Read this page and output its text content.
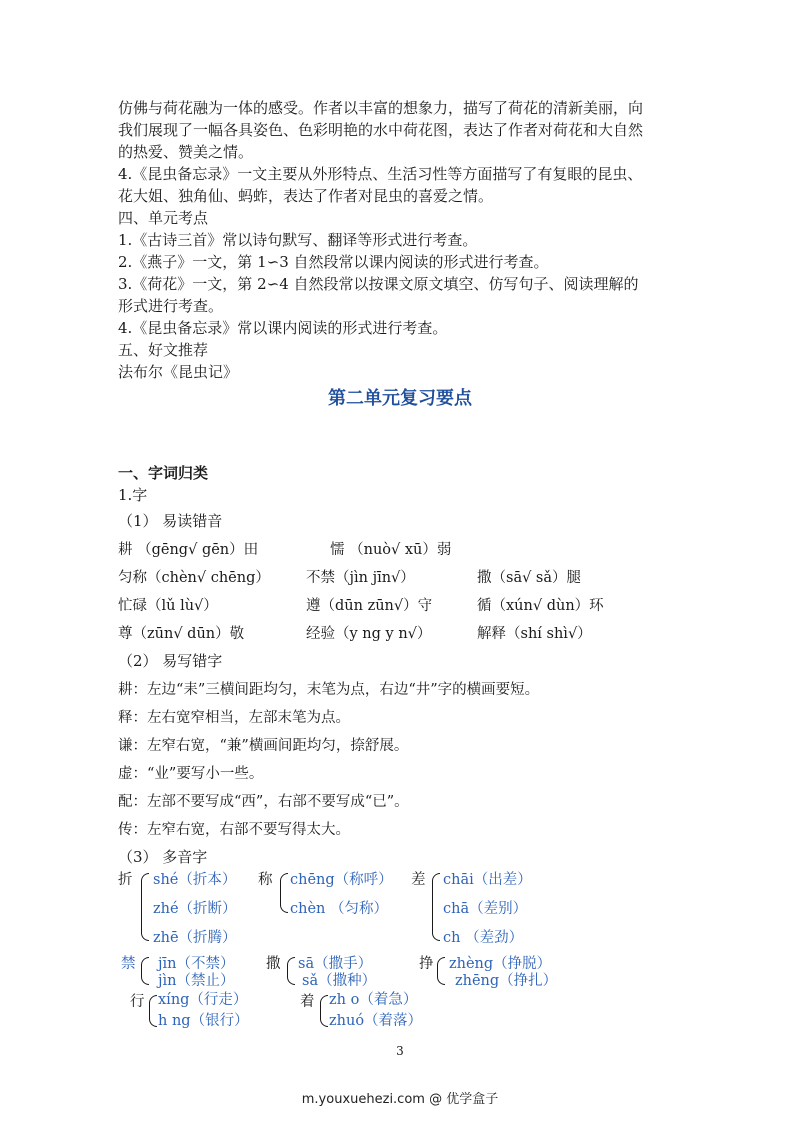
仿佛与荷花融为一体的感受。作者以丰富的想象力，描写了荷花的清新美丽，向
我们展现了一幅各具姿色、色彩明艳的水中荷花图，表达了作者对荷花和大自然
的热爱、赞美之情。
4.《昆虫备忘录》一文主要从外形特点、生活习性等方面描写了有复眼的昆虫、
花大姐、独角仙、蚂蚱，表达了作者对昆虫的喜爱之情。
四、单元考点
1.《古诗三首》常以诗句默写、翻译等形式进行考查。
2.《燕子》一文，第 1∽3 自然段常以课内阅读的形式进行考查。
3.《荷花》一文，第 2∽4 自然段常以按课文原文填空、仿写句子、阅读理解的
形式进行考查。
4.《昆虫备忘录》常以课内阅读的形式进行考查。
五、好文推荐
法布尔《昆虫记》
第二单元复习要点
一、字词归类
1.字
（1） 易读错音
耕 （gēng√ gēn）田	懦 （nuò√ xū）弱
匀称（chèn√ chēng） 不禁（jìn jīn√）	撒（sā√ sǎ）腿
忙碌（lǔ lù√）	遵（dūn zūn√）守	循（xún√ dùn）环
尊（zūn√ dūn）敬	经验（y ng y n√）	解释（shí shì√）
（2） 易写错字
耕：左边“耒”三横间距均匀，末笔为点，右边“井”字的横画要短。
释：左右宽窄相当，左部末笔为点。
谦：左窄右宽，“兼”横画间距均匀，捺舒展。
虚：“业”要写小一些。
配：左部不要写成“西”，右部不要写成“已”。
传：左窄右宽，右部不要写得太大。
（3） 多音字
折 shé（折本）
zhé（折断）
zhē（折腾）
称 chēng（称呼）
chèn （匀称）
差 chāi（出差）
chā（差别）
ch （差劲）
禁 jīn（不禁）
jìn（禁止）
撒 sā（撒手）
sǎ（撒种）
挣 zhèng（挣脱）
zhēng（挣扎）
行 xíng（行走）
h ng（银行）
着 zh o（着急）
zhuó（着落）
3
m.youxuehezi.com @ 优学盒子
